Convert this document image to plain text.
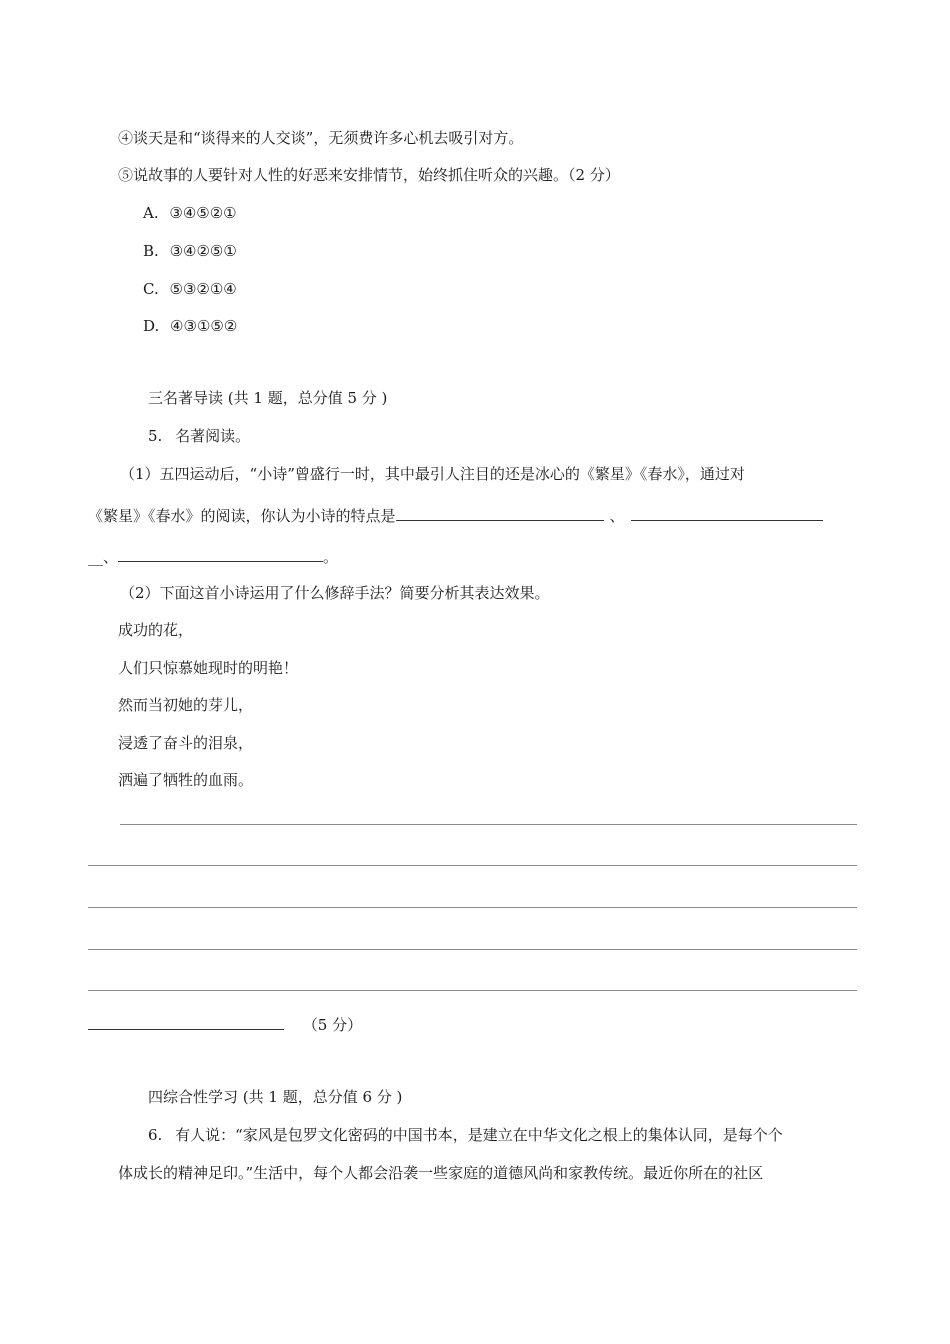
④谈天是和“谈得来的人交谈”，无须费许多心机去吸引对方。
⑤说故事的人要针对人性的好恶来安排情节，始终抓住听众的兴趣。（2 分）
A. ③④⑤②①
B. ③④②⑤①
C. ⑤③②①④
D. ④③①⑤②
三名著导读 (共 1 题，总分值 5 分 )
5. 名著阅读。
（1）五四运动后，“小诗”曾盛行一时，其中最引人注目的还是冰心的《繁星》《春水》，通过对
《繁星》《春水》的阅读，你认为小诗的特点是	、
__、	。
（2）下面这首小诗运用了什么修辞手法？简要分析其表达效果。
成功的花，
人们只惊慕她现时的明艳！
然而当初她的芽儿，
浸透了奋斗的泪泉，
洒遍了牺牲的血雨。
（5 分）
四综合性学习 (共 1 题，总分值 6 分 )
6. 有人说：“家风是包罗文化密码的中国书本，是建立在中华文化之根上的集体认同，是每个个
体成长的精神足印。”生活中，每个人都会沿袭一些家庭的道德风尚和家教传统。最近你所在的社区
